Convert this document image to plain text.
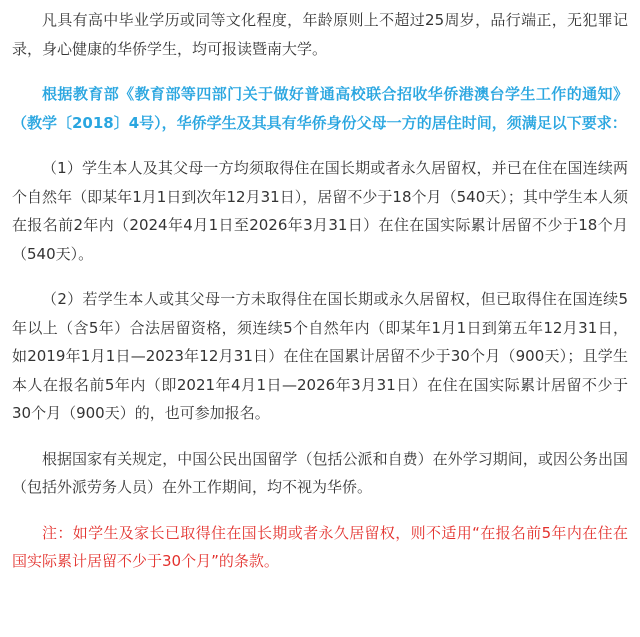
凡具有高中毕业学历或同等文化程度，年龄原则上不超过25周岁，品行端正，无犯罪记录，身心健康的华侨学生，均可报读暨南大学。

根据教育部《教育部等四部门关于做好普通高校联合招收华侨港澳台学生工作的通知》（教学〔2018〕4号），华侨学生及其具有华侨身份父母一方的居住时间，须满足以下要求：

（1）学生本人及其父母一方均须取得住在国长期或者永久居留权，并已在住在国连续两个自然年（即某年1月1日到次年12月31日），居留不少于18个月（540天）；其中学生本人须在报名前2年内（2024年4月1日至2026年3月31日）在住在国实际累计居留不少于18个月（540天）。

（2）若学生本人或其父母一方未取得住在国长期或永久居留权，但已取得住在国连续5年以上（含5年）合法居留资格，须连续5个自然年内（即某年1月1日到第五年12月31日，如2019年1月1日—2023年12月31日）在住在国累计居留不少于30个月（900天）；且学生本人在报名前5年内（即2021年4月1日—2026年3月31日）在住在国实际累计居留不少于30个月（900天）的，也可参加报名。

根据国家有关规定，中国公民出国留学（包括公派和自费）在外学习期间，或因公务出国（包括外派劳务人员）在外工作期间，均不视为华侨。

注：如学生及家长已取得住在国长期或者永久居留权，则不适用“在报名前5年内在住在国实际累计居留不少于30个月”的条款。
